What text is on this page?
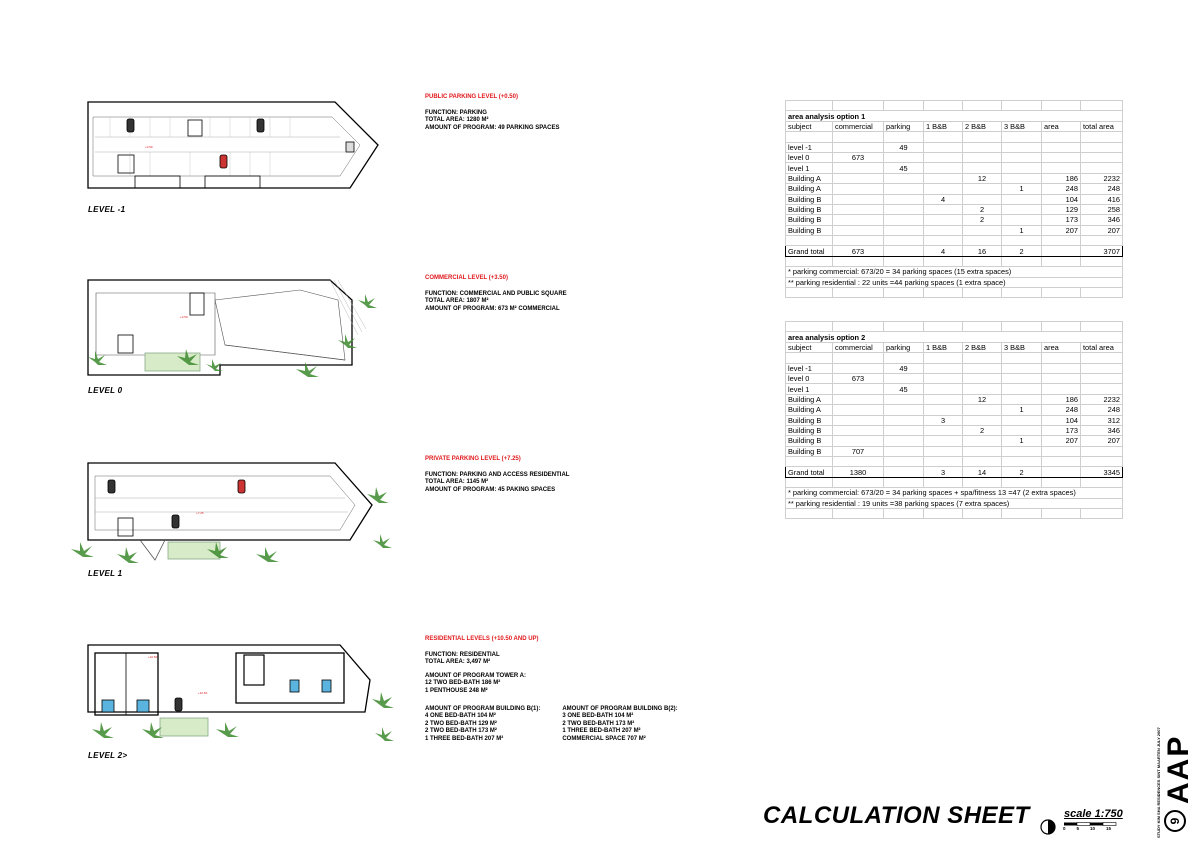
+0.50
+3.50
+7.25
+10.50
+10.50
LEVEL -1
LEVEL 0
LEVEL 1
LEVEL 2>
PUBLIC PARKING LEVEL (+0.50)
FUNCTION: PARKING
TOTAL AREA: 1280 M²
AMOUNT OF PROGRAM: 49 PARKING SPACES
COMMERCIAL LEVEL (+3.50)
FUNCTION: COMMERCIAL AND PUBLIC SQUARE
TOTAL AREA: 1807 M²
AMOUNT OF PROGRAM: 673 M² COMMERCIAL
PRIVATE PARKING LEVEL (+7.25)
FUNCTION: PARKING AND ACCESS RESIDENTIAL
TOTAL AREA: 1145 M²
AMOUNT OF PROGRAM: 45 PAKING SPACES
RESIDENTIAL LEVELS (+10.50 AND UP)
FUNCTION: RESIDENTIAL
TOTAL AREA: 3,497 M²
AMOUNT OF PROGRAM TOWER A:
12 TWO BED-BATH 186 M²
1 PENTHOUSE 248 M²
AMOUNT OF PROGRAM BUILDING B(1):
4 ONE BED-BATH 104 M²
2 TWO BED-BATH 129 M²
2 TWO BED-BATH 173 M²
1 THREE BED-BATH 207 M²
AMOUNT OF PROGRAM BUILDING B(2):
3 ONE BED-BATH 104 M²
2 TWO BED-BATH 173 M²
1 THREE BED-BATH 207 M²
COMMERCIAL SPACE 707 M²

area analysis option 1							
subject	commercial	parking	1 B&B	2 B&B	3 B&B	area	total area

level -1		49					
level 0	673						
level 1		45					
Building A				12		186	2232
Building A					1	248	248
Building B			4			104	416
Building B				2		129	258
Building B				2		173	346
Building B					1	207	207

Grand total	673		4	16	2		3707

* parking commercial: 673/20 = 34 parking spaces (15 extra spaces)							
** parking residential : 22 units =44 parking spaces (1 extra space)							

area analysis option 2							
subject	commercial	parking	1 B&B	2 B&B	3 B&B	area	total area

level -1		49					
level 0	673						
level 1		45					
Building A				12		186	2232
Building A					1	248	248
Building B			3			104	312
Building B				2		173	346
Building B					1	207	207
Building B	707						

Grand total	1380		3	14	2		3345

* parking commercial: 673/20 = 34 parking spaces + spa/fitness 13 =47 (2 extra spaces)							
** parking residential : 19 units =38 parking spaces (7 extra spaces)							

CALCULATION SHEET	scale 1:750
0 5 10 15	STUDY KIM SHA RESIDENCES SINT MAARTEN JULY 2007 9
AAP
